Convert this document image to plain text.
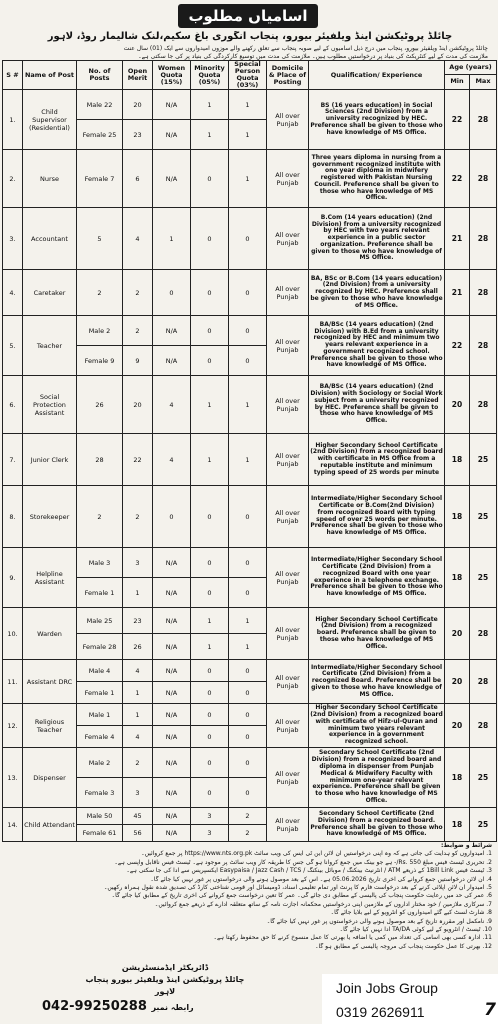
اسامیاں مطلوب
چائلڈ پروٹیکشن اینڈ ویلفیئر بیورو، پنجاب انگوری باغ سکیم،لنک شالیمار روڈ، لاہور
چائلڈ پروٹیکشن اینڈ ویلفیئر بیورو، پنجاب میں درج ذیل اسامیوں کے لیے صوبہ پنجاب سے تعلق رکھنے والے موزوں امیدواروں سے ایک (01) سال عنت
ملازمت کی مدت کے لیے کنٹریکٹ کی بنیاد پر درخواستیں مطلوب ہیں۔ ملازمت کی مدت میں توسیع کارکردگی کی بنیاد پر کی جا سکتی ہے۔
S #	Name of Post	No. of Posts	Open Merit	Women Quota (15%)	Minority Quota (05%)	Special Person Quota (03%)	Domicile & Place of Posting	Qualification/ Experience	Age (years)	
									Min	Max
1.	Child Supervisor (Residential)	Male 22	20	N/A	1	1	All over Punjab	BS (16 years education) in Social Sciences (2nd Division) from a university recognized by HEC. Preference shall be given to those who have knowledge of MS Office.	22	28
		Female 25	23	N/A	1	1				
2.	Nurse	Female 7	6	N/A	0	1	All over Punjab	Three years diploma in nursing from a government recognized institute with one year diploma in midwifery registered with Pakistan Nursing Council. Preference shall be given to those who have knowledge of MS Office.	22	28
3.	Accountant	5	4	1	0	0	All over Punjab	B.Com (14 years education) (2nd Division) from a university recognized by HEC with two years relevant experience in a public sector organization. Preference shall be given to those who have knowledge of MS Office.	21	28
4.	Caretaker	2	2	0	0	0	All over Punjab	BA, BSc or B.Com (14 years education) (2nd Division) from a university recognized by HEC. Preference shall be given to those who have knowledge of MS Office.	21	28
5.	Teacher	Male 2	2	N/A	0	0	All over Punjab	BA/BSc (14 years education) (2nd Division) with B.Ed from a university recognized by HEC and minimum two years relevant experience in a government recognized school. Preference shall be given to those who have knowledge of MS Office.	22	28
		Female 9	9	N/A	0	0				
6.	Social Protection Assistant	26	20	4	1	1	All over Punjab	BA/BSc (14 years education) (2nd Division) with Sociology or Social Work subject from a university recognized by HEC. Preference shall be given to those who have knowledge of MS Office.	20	28
7.	Junior Clerk	28	22	4	1	1	All over Punjab	Higher Secondary School Certificate (2nd Division) from a recognized board with certificate in MS Office from a reputable institute and minimum typing speed of 25 words per minute	18	25
8.	Storekeeper	2	2	0	0	0	All over Punjab	Intermediate/Higher Secondary School Certificate or B.Com(2nd Division) from recognized Board with typing speed of over 25 words per minute. Preference shall be given to those who have knowledge of MS Office.	18	25
9.	Helpline Assistant	Male 3	3	N/A	0	0	All over Punjab	Intermediate/Higher Secondary School Certificate (2nd Division) from a recognized Board with one year experience in a telephone exchange. Preference shall be given to those who have knowledge of MS Office.	18	25
		Female 1	1	N/A	0	0				
10.	Warden	Male 25	23	N/A	1	1	All over Punjab	Higher Secondary School Certificate (2nd Division) from a recognized board. Preference shall be given to those who have knowledge of MS Office.	20	28
		Female 28	26	N/A	1	1				
11.	Assistant DRC	Male 4	4	N/A	0	0	All over Punjab	Intermediate/Higher Secondary School Certificate (2nd Division) from a recognized Board. Preference shall be given to those who have knowledge of MS Office.	20	28
		Female 1	1	N/A	0	0				
12.	Religious Teacher	Male 1	1	N/A	0	0	All over Punjab	Higher Secondary School Certificate (2nd Division) from a recognized board with certificate of Hifz-ul-Quran and minimum two years relevant experience in a government recognized school.	20	28
		Female 4	4	N/A	0	0				
13.	Dispenser	Male 2	2	N/A	0	0	All over Punjab	Secondary School Certificate (2nd Division) from a recognized board and diploma in dispenser from Punjab Medical & Midwifery Faculty with minimum one-year relevant experience. Preference shall be given to those who have knowledge of MS Office.	18	25
		Female 3	3	N/A	0	0				
14.	Child Attendant	Male 50	45	N/A	3	2	All over Punjab	Secondary School Certificate (2nd Division) from a recognized board. Preference shall be given to those who have knowledge of MS Office.	18	25
		Female 61	56	N/A	3	2				
شرائط و ضوابط:
1. امیدواروں کو ہدایت کی جاتی ہے کہ وہ اپنی درخواستیں آن لائن این ٹی ایس کی ویب سائٹ https://www.nts.org.pk پر جمع کروائیں۔
2. تحریری ٹیسٹ فیس مبلغ Rs. 550/- ہے جو بینک میں جمع کروانا ہو گی جس کا طریقہ کار ویب سائٹ پر موجود ہے۔ ٹیسٹ فیس ناقابل واپسی ہے۔
3. ٹیسٹ فیس 1Bill Link کے ذریعے ATM / انٹرنیٹ بینکنگ / موبائل بینکنگ / Easypaisa / Jazz Cash / TCS ایکسپریس سے ادا کی جا سکتی ہے۔
4. آن لائن درخواستیں جمع کروانے کی آخری تاریخ 05.06.2026 ہے۔ اس کے بعد موصول ہونے والی درخواستوں پر غور نہیں کیا جائے گا۔
5. امیدوار آن لائن اپلائی کرنے کے بعد درخواست فارم کا پرنٹ اور تمام تعلیمی اسناد، ڈومیسائل اور قومی شناختی کارڈ کی تصدیق شدہ نقول ہمراہ رکھیں۔
6. عمر کی حد میں رعایت حکومت پنجاب کی پالیسی کے مطابق دی جائے گی۔ عمر کا تعین درخواست جمع کروانے کی آخری تاریخ کے مطابق کیا جائے گا۔
7. سرکاری ملازمین / خود مختار اداروں کے ملازمین اپنی درخواستیں محکمانہ اجازت نامہ کے ساتھ متعلقہ ادارے کے ذریعے جمع کروائیں۔
8. شارٹ لسٹ کیے گئے امیدواروں کو انٹرویو کے لیے بلایا جائے گا۔
9. نامکمل اور مقررہ تاریخ کے بعد موصول ہونے والی درخواستوں پر غور نہیں کیا جائے گا۔
10. ٹیسٹ / انٹرویو کے لیے کوئی TA/DA ادا نہیں کیا جائے گا۔
11. ادارہ کسی بھی اسامی کی تعداد میں کمی یا اضافہ یا بھرتی کا عمل منسوخ کرنے کا حق محفوظ رکھتا ہے۔
12. بھرتی کا عمل حکومت پنجاب کی مروجہ پالیسی کے مطابق ہو گا۔
ڈائریکٹر ایڈمنسٹریشن
چائلڈ پروٹیکشن اینڈ ویلفیئر بیورو پنجاب لاہور
042-99250288 رابطہ نمبر
Join Jobs Group
0319 2626911	7
